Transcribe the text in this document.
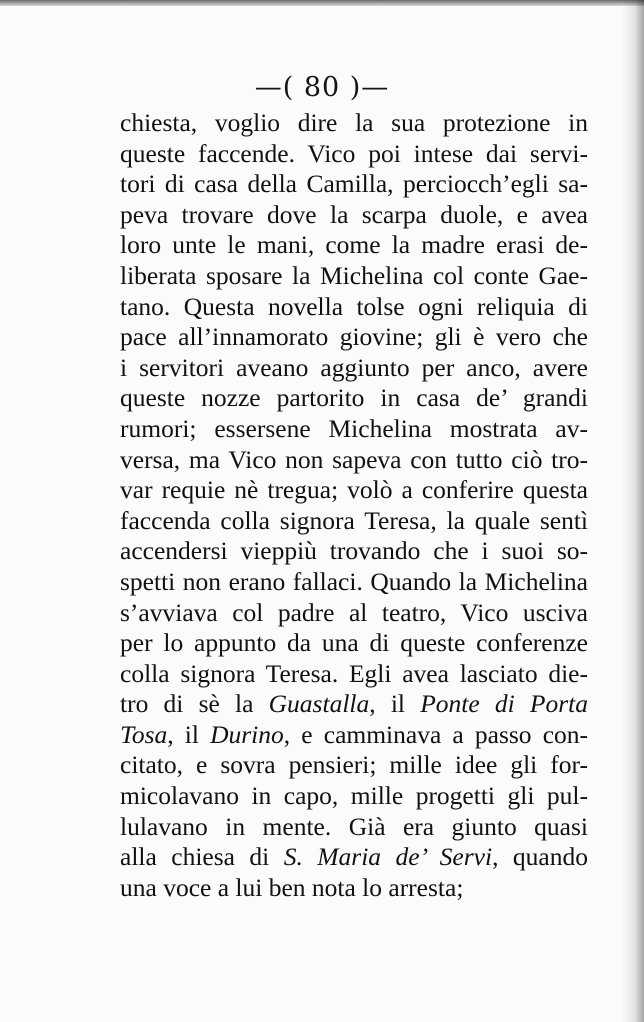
—( 80 )—
chiesta, voglio dire la sua protezione in
queste faccende. Vico poi intese dai servi-
tori di casa della Camilla, perciocch’egli sa-
peva trovare dove la scarpa duole, e avea
loro unte le mani, come la madre erasi de-
liberata sposare la Michelina col conte Gae-
tano. Questa novella tolse ogni reliquia di
pace all’innamorato giovine; gli è vero che
i servitori aveano aggiunto per anco, avere
queste nozze partorito in casa de’ grandi
rumori; essersene Michelina mostrata av-
versa, ma Vico non sapeva con tutto ciò tro-
var requie nè tregua; volò a conferire questa
faccenda colla signora Teresa, la quale sentì
accendersi vieppiù trovando che i suoi so-
spetti non erano fallaci. Quando la Michelina
s’avviava col padre al teatro, Vico usciva
per lo appunto da una di queste conferenze
colla signora Teresa. Egli avea lasciato die-
tro di sè la Guastalla, il Ponte di Porta
Tosa, il Durino, e camminava a passo con-
citato, e sovra pensieri; mille idee gli for-
micolavano in capo, mille progetti gli pul-
lulavano in mente. Già era giunto quasi
alla chiesa di S. Maria de’ Servi, quando
una voce a lui ben nota lo arresta;
